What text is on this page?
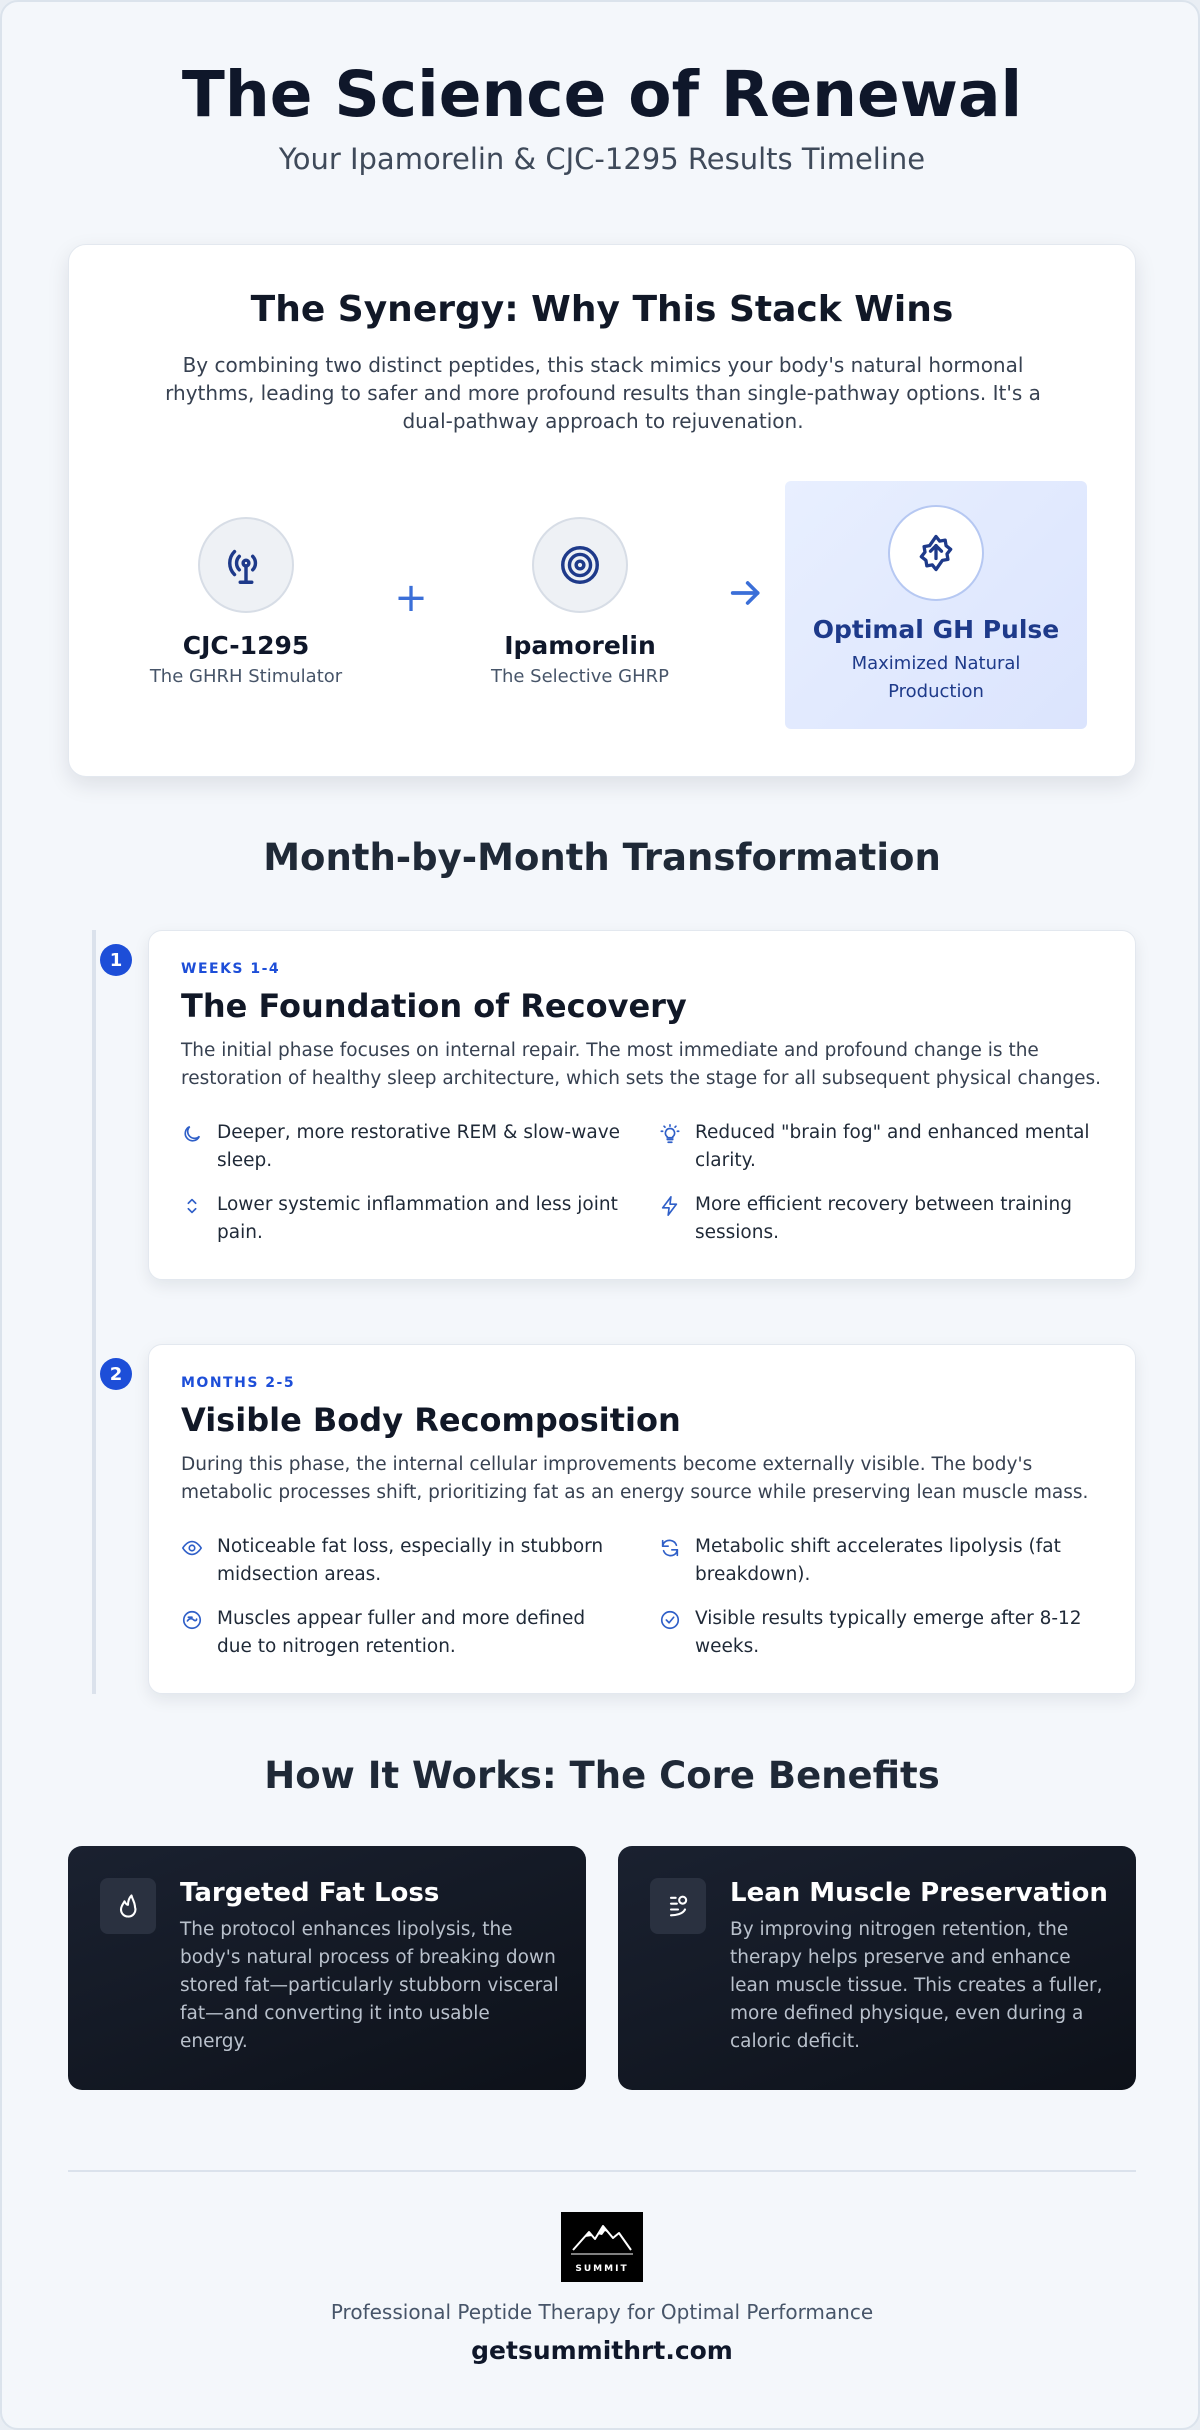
The Science of Renewal
Your Ipamorelin & CJC-1295 Results Timeline
The Synergy: Why This Stack Wins
By combining two distinct peptides, this stack mimics your body's natural hormonal rhythms, leading to safer and more profound results than single-pathway options. It's a dual-pathway approach to rejuvenation.
CJC-1295
The GHRH Stimulator
+
Ipamorelin
The Selective GHRP
Optimal GH Pulse
Maximized Natural Production
Month-by-Month Transformation
1	WEEKS 1-4
The Foundation of Recovery
The initial phase focuses on internal repair. The most immediate and profound change is the restoration of healthy sleep architecture, which sets the stage for all subsequent physical changes.
Deeper, more restorative REM & slow-wave sleep.
Reduced "brain fog" and enhanced mental clarity.
Lower systemic inflammation and less joint pain.
More efficient recovery between training sessions.
2	MONTHS 2-5
Visible Body Recomposition
During this phase, the internal cellular improvements become externally visible. The body's metabolic processes shift, prioritizing fat as an energy source while preserving lean muscle mass.
Noticeable fat loss, especially in stubborn midsection areas.
Metabolic shift accelerates lipolysis (fat breakdown).
Muscles appear fuller and more defined due to nitrogen retention.
Visible results typically emerge after 8-12 weeks.
How It Works: The Core Benefits
Targeted Fat Loss
The protocol enhances lipolysis, the body's natural process of breaking down stored fat—particularly stubborn visceral fat—and converting it into usable energy.
Lean Muscle Preservation
By improving nitrogen retention, the therapy helps preserve and enhance lean muscle tissue. This creates a fuller, more defined physique, even during a caloric deficit.
SUMMIT
Professional Peptide Therapy for Optimal Performance
getsummithrt.com
